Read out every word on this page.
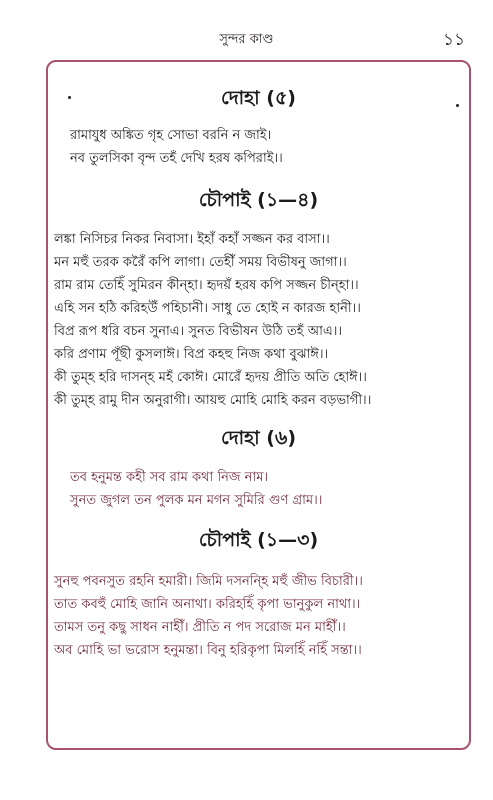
সুন্দর কাণ্ড	১১
দোহা (৫)

রামাযুধ অঙ্কিত গৃহ সোভা বরনি ন জাই।

নব তুলসিকা বৃন্দ তহঁ দেখি হরষ কপিরাই।।

চৌপাই (১—৪)

লঙ্কা নিসিচর নিকর নিবাসা। ইহাঁ কহাঁ সজ্জন কর বাসা।।

মন মহুঁ তরক করৈঁ কপি লাগা। তেহীঁ সময় বিভীষনু জাগা।।

রাম রাম তেহিঁ সুমিরন কীন্হা। হৃদয়ঁ হরষ কপি সজ্জন চীন্হা।।

এহি সন হঠি করিহউঁ পহিচানী। সাধু তে হোই ন কারজ হানী।।

বিপ্র রূপ ধরি বচন সুনাএ। সুনত বিভীষন উঠি তহঁ আএ।।

করি প্রণাম পূঁছী কুসলাঈ। বিপ্র কহহু নিজ কথা বুঝাঈ।।

কী তুম্হ হরি দাসন্হ মহঁ কোঈ। মোরেঁ হৃদয় প্রীতি অতি হোঈ।।

কী তুম্হ রামু দীন অনুরাগী। আয়হু মোহি মোহি করন বড়ভাগী।।

দোহা (৬)

তব হনুমন্ত কহী সব রাম কথা নিজ নাম।

সুনত জুগল তন পুলক মন মগন সুমিরি গুণ গ্রাম।।

চৌপাই (১—৩)

সুনহু পবনসুত রহনি হমারী। জিমি দসনন্হি মহুঁ জীভ বিচারী।।

তাত কবহুঁ মোহি জানি অনাথা। করিহহিঁ কৃপা ভানুকুল নাথা।।

তামস তনু কছু সাধন নাহীঁ। প্রীতি ন পদ সরোজ মন মাহীঁ।।

অব মোহি ভা ভরোস হনুমন্তা। বিনু হরিকৃপা মিলহিঁ নহিঁ সন্তা।।
